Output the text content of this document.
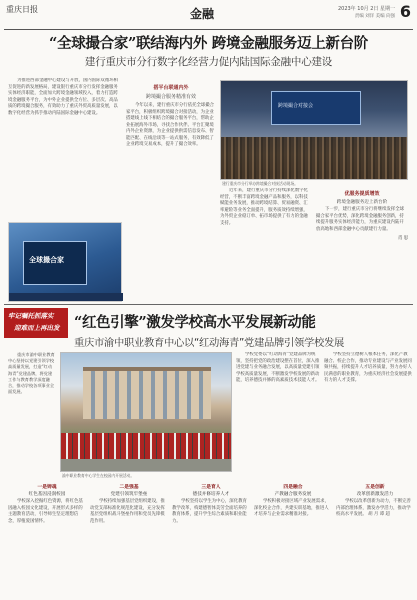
重庆日报	金融	2023年 10月 2日 星期一
责编 刘洋 美编 向强 6
“全球撮合家”联结海内外 跨境金融服务迈上新台阶
建行重庆市分行数字化经营力促内陆国际金融中心建设

为推进西部金融中心建设与开放，国内国际双循环相互促进的新发展格局，建设银行重庆市分行发挥金融服务实体经济职能，全面加大跨境金融领域投入，着力打造跨境金融服务平台，为中外企业提供全方位、多层次、高品质的跨境撮合服务，有效助力了重庆外贸高质量发展，以数字化经营为抓手推动内陆国际金融中心建设。

全球撮合家

搭平台联通内外

跨境撮合服务精准有效

今年以来，建行重庆市分行依托全球撮合家平台，积极组织跨境撮合对接活动，为企业搭建线上线下相结合的撮合服务平台，帮助企业拓展海外市场，寻找合作伙伴。平台汇聚境内外企业资源，为企业提供供需信息发布、智能匹配、在线洽谈等一站式服务，有效降低了企业跨境交易成本，提升了撮合效率。

跨境撮合对接会
建行重庆市分行举办跨境撮合对接活动现场。

近年来，建行重庆市分行持续深化数字化经营，不断丰富跨境金融产品和服务，以科技赋能业务发展，推动跨境结算、贸易融资、汇率避险等业务全面提升，服务质效持续增强，为外贸企业稳订单、拓市场提供了有力的金融支持。

优服务提质增效

跨境金融服务迈上新台阶

下一步，建行重庆市分行将继续发挥全球撮合家平台优势，深化跨境金融服务创新，持续提升服务实体经济能力，为重庆建设内陆开放高地和西部金融中心贡献建行力量。

肖 思

牢记嘱托抓落实
迎难而上再出发 “红色引擎”激发学校高水平发展新动能
重庆市渝中职业教育中心以“红动海青”党建品牌引领学校发展

重庆市渝中职业教育中心坚持以党建引领学校高质量发展，打造“红动海青”党建品牌，将党建工作与教育教学深度融合，推动学校各项事业全面发展。

渝中职业教育中心学生在校园内开展活动。

学校党委以“红动海青”党建品牌为统领，坚持把党的政治建设摆在首位，深入推进党建与业务融合发展，以高质量党建引领学校高质量发展，不断激发学校发展的新动能，培养德技并修的高素质技术技能人才。

学校坚持立德树人根本任务，深化产教融合、校企合作，推动专业建设与产业发展同频共振，持续提升人才培养质量，努力办好人民满意的职业教育，为重庆经济社会发展提供有力的人才支撑。

一是铸魂

红色基因浸润校园

学校深入挖掘红色资源，将红色基因融入校园文化建设，开展形式多样的主题教育活动，引导师生坚定理想信念，厚植爱国情怀。

二是强基

党建引领筑牢堡垒

学校持续加强基层党组织建设，推动党支部标准化规范化建设，充分发挥基层党组织战斗堡垒作用和党员先锋模范作用。

三是育人

德技并修培养人才

学校坚持以学生为中心，深化教育教学改革，构建德智体美劳全面培养的教育体系，提升学生综合素质和职业能力。

四是融合

产教融合服务发展

学校积极对接区域产业发展需求，深化校企合作，共建实训基地，推进人才培养与企业需求精准对接。

五是创新

改革创新激发活力

学校以改革创新为动力，不断完善内部治理体系，激发办学活力，推动学校高水平发展。 胡 月 谭 超
